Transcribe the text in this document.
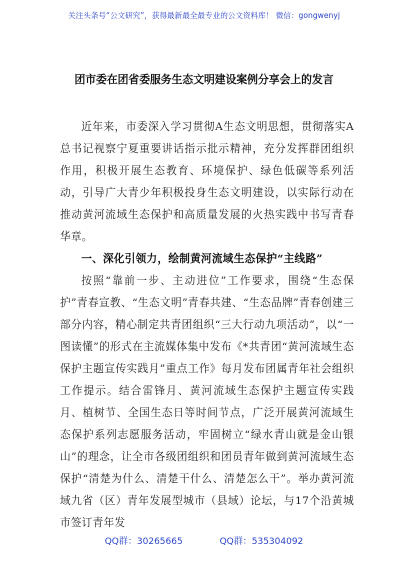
关注头条号“公文研究”，获得最新最全最专业的公文资料库！ 微信：gongwenyj
团市委在团省委服务生态文明建设案例分享会上的发言

近年来，市委深入学习贯彻A生态文明思想，贯彻落实A总书记视察宁夏重要讲话指示批示精神，充分发挥群团组织作用，积极开展生态教育、环境保护、绿色低碳等系列活动，引导广大青少年积极投身生态文明建设，以实际行动在推动黄河流域生态保护和高质量发展的火热实践中书写青春华章。

一、深化引领力，绘制黄河流域生态保护“主线路”

按照“靠前一步、主动进位”工作要求，围绕“生态保护”青春宣教、“生态文明”青春共建、“生态品牌”青春创建三部分内容，精心制定共青团组织“三大行动九项活动”，以“一图读懂”的形式在主流媒体集中发布《*共青团“黄河流域生态保护主题宣传实践月”重点工作》每月发布团属青年社会组织工作提示。结合雷锋月、黄河流域生态保护主题宣传实践月、植树节、全国生态日等时间节点，广泛开展黄河流域生态保护系列志愿服务活动，牢固树立“绿水青山就是金山银山”的理念，让全市各级团组织和团员青年做到黄河流域生态保护“清楚为什么、清楚干什么、清楚怎么干”。举办黄河流域九省（区）青年发展型城市（县域）论坛，与17个沿黄城市签订青年发

QQ群：30265665	QQ群：535304092
